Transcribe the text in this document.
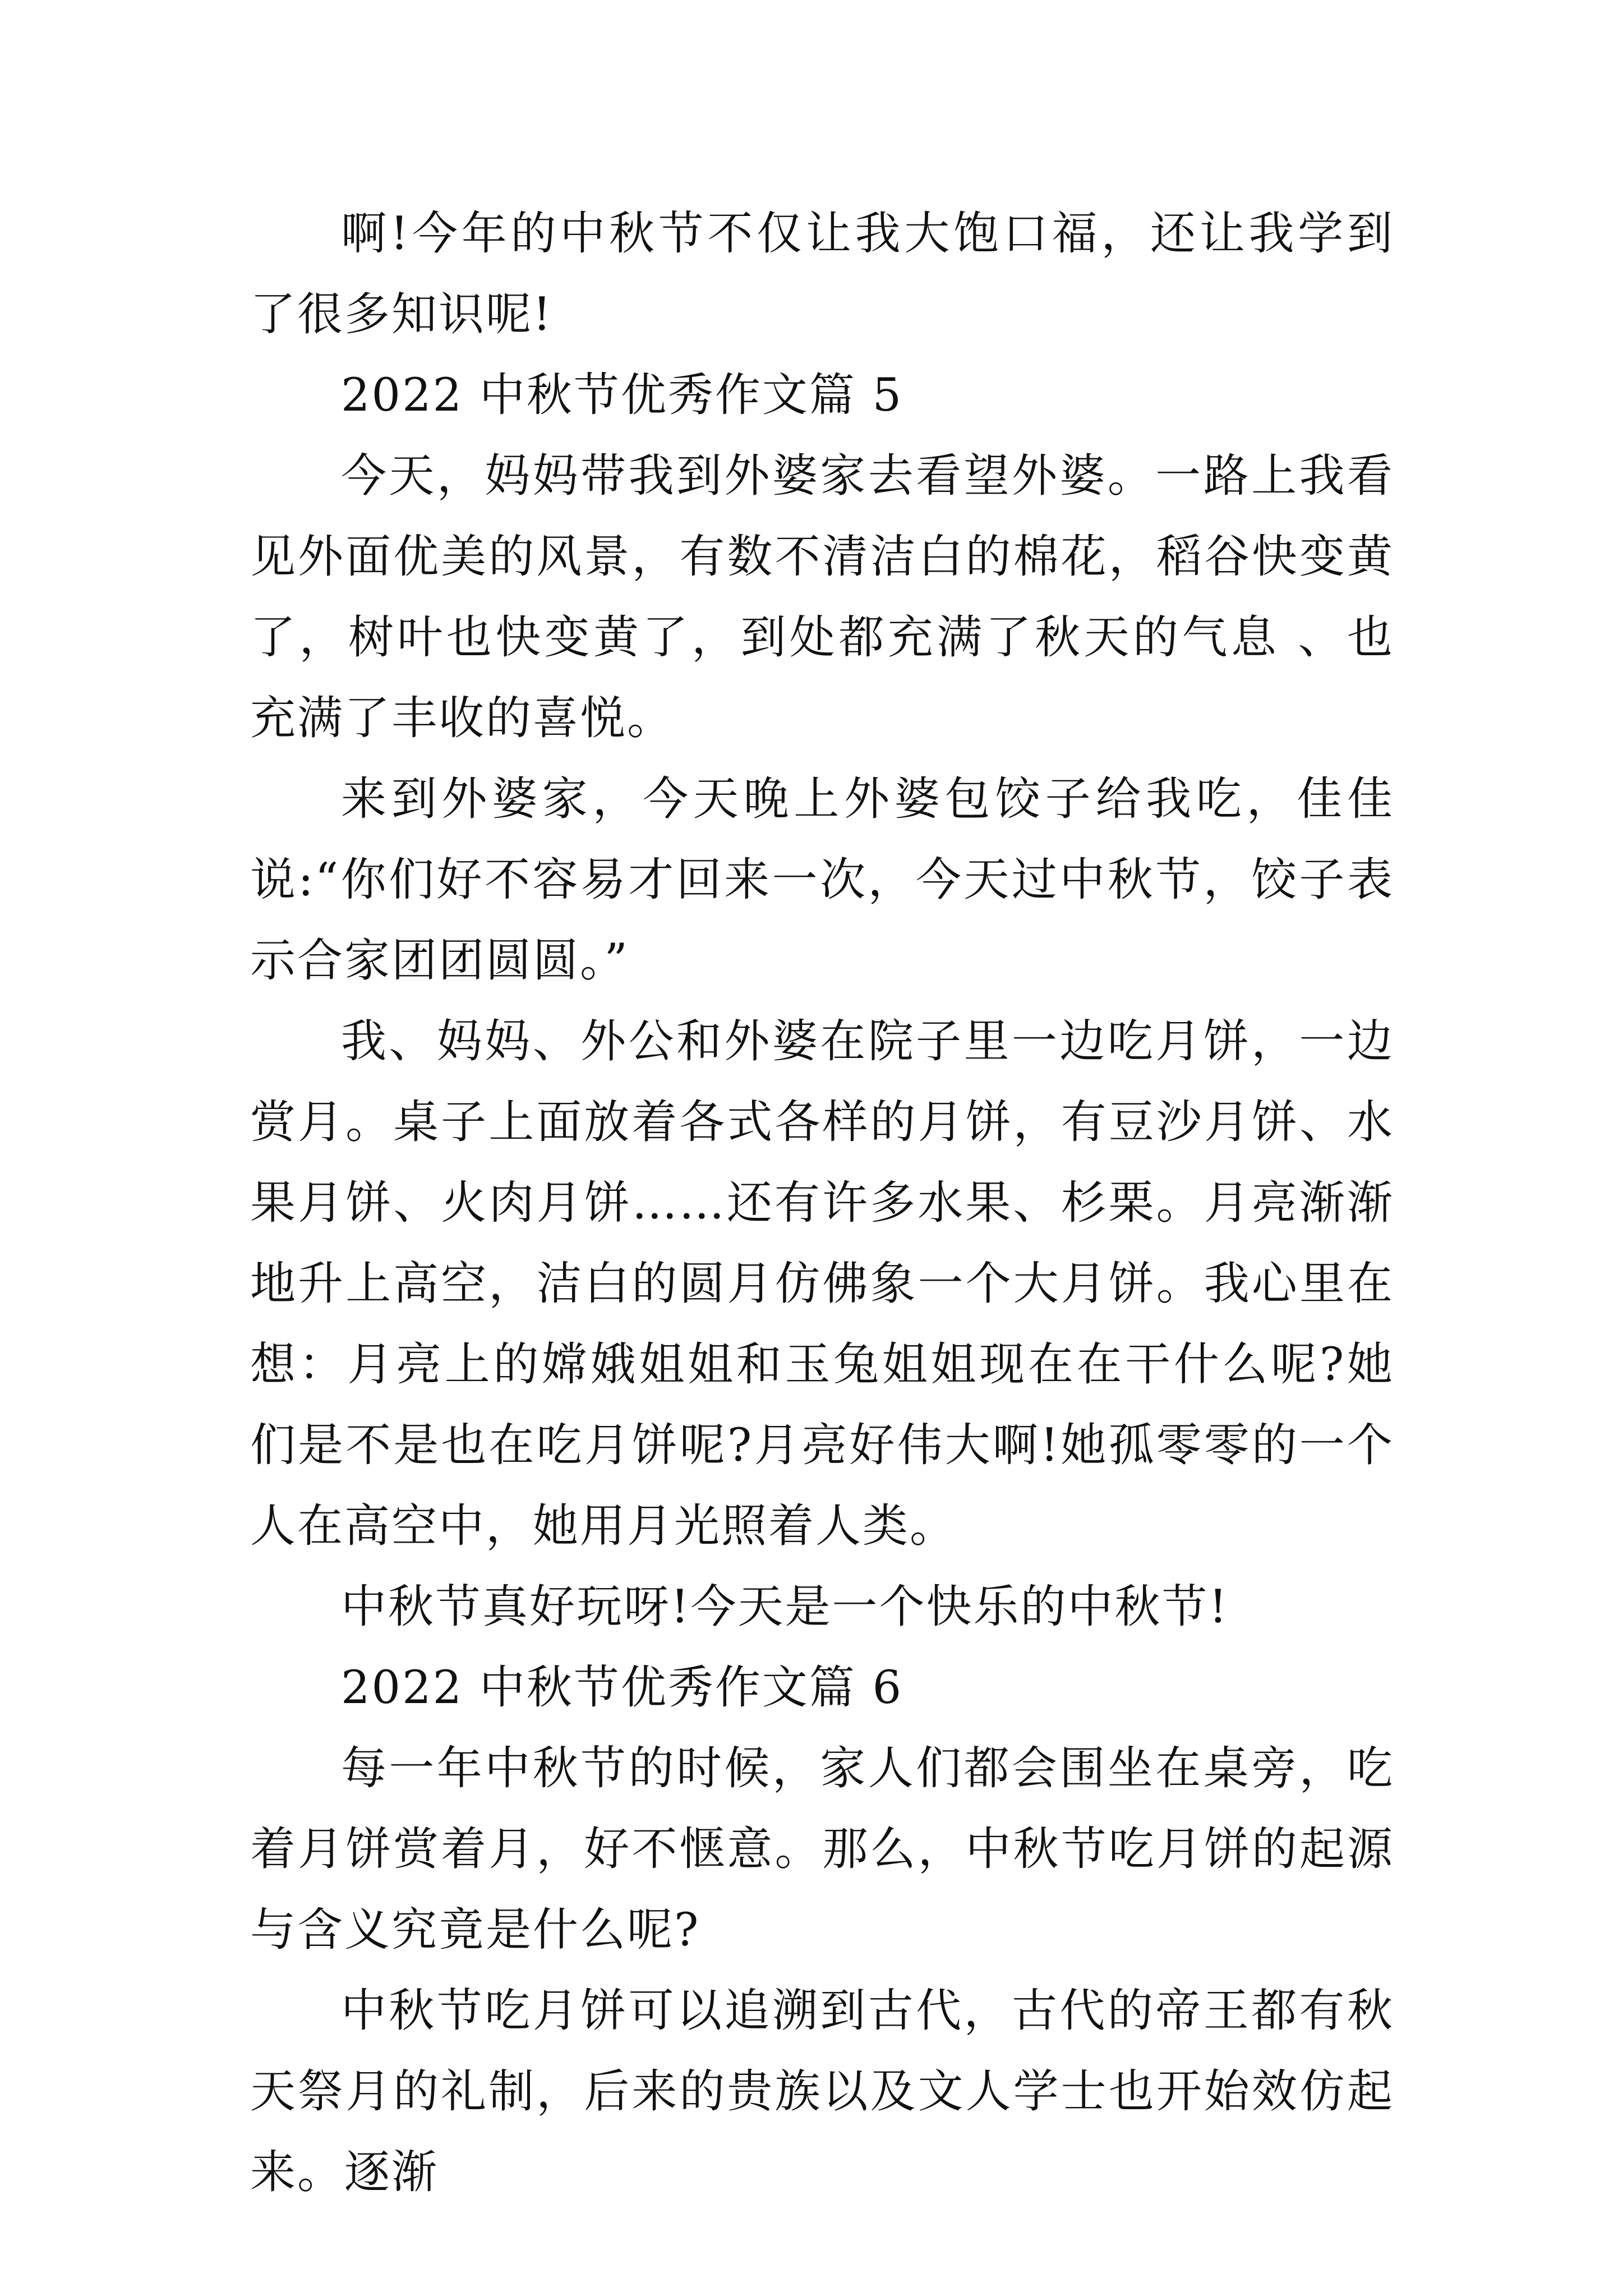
啊!今年的中秋节不仅让我大饱口福，还让我学到了很多知识呢!

2022 中秋节优秀作文篇 5

今天，妈妈带我到外婆家去看望外婆。一路上我看见外面优美的风景，有数不清洁白的棉花，稻谷快变黄了，树叶也快变黄了，到处都充满了秋天的气息 、也充满了丰收的喜悦。

来到外婆家，今天晚上外婆包饺子给我吃，佳佳说:“你们好不容易才回来一次，今天过中秋节，饺子表示合家团团圆圆。”

我、妈妈、外公和外婆在院子里一边吃月饼，一边赏月。桌子上面放着各式各样的月饼，有豆沙月饼、水果月饼、火肉月饼……还有许多水果、杉栗。月亮渐渐地升上高空，洁白的圆月仿佛象一个大月饼。我心里在想：月亮上的嫦娥姐姐和玉兔姐姐现在在干什么呢?她们是不是也在吃月饼呢?月亮好伟大啊!她孤零零的一个人在高空中，她用月光照着人类。

中秋节真好玩呀!今天是一个快乐的中秋节!

2022 中秋节优秀作文篇 6

每一年中秋节的时候，家人们都会围坐在桌旁，吃着月饼赏着月，好不惬意。那么，中秋节吃月饼的起源与含义究竟是什么呢?

中秋节吃月饼可以追溯到古代，古代的帝王都有秋天祭月的礼制，后来的贵族以及文人学士也开始效仿起来。逐渐
